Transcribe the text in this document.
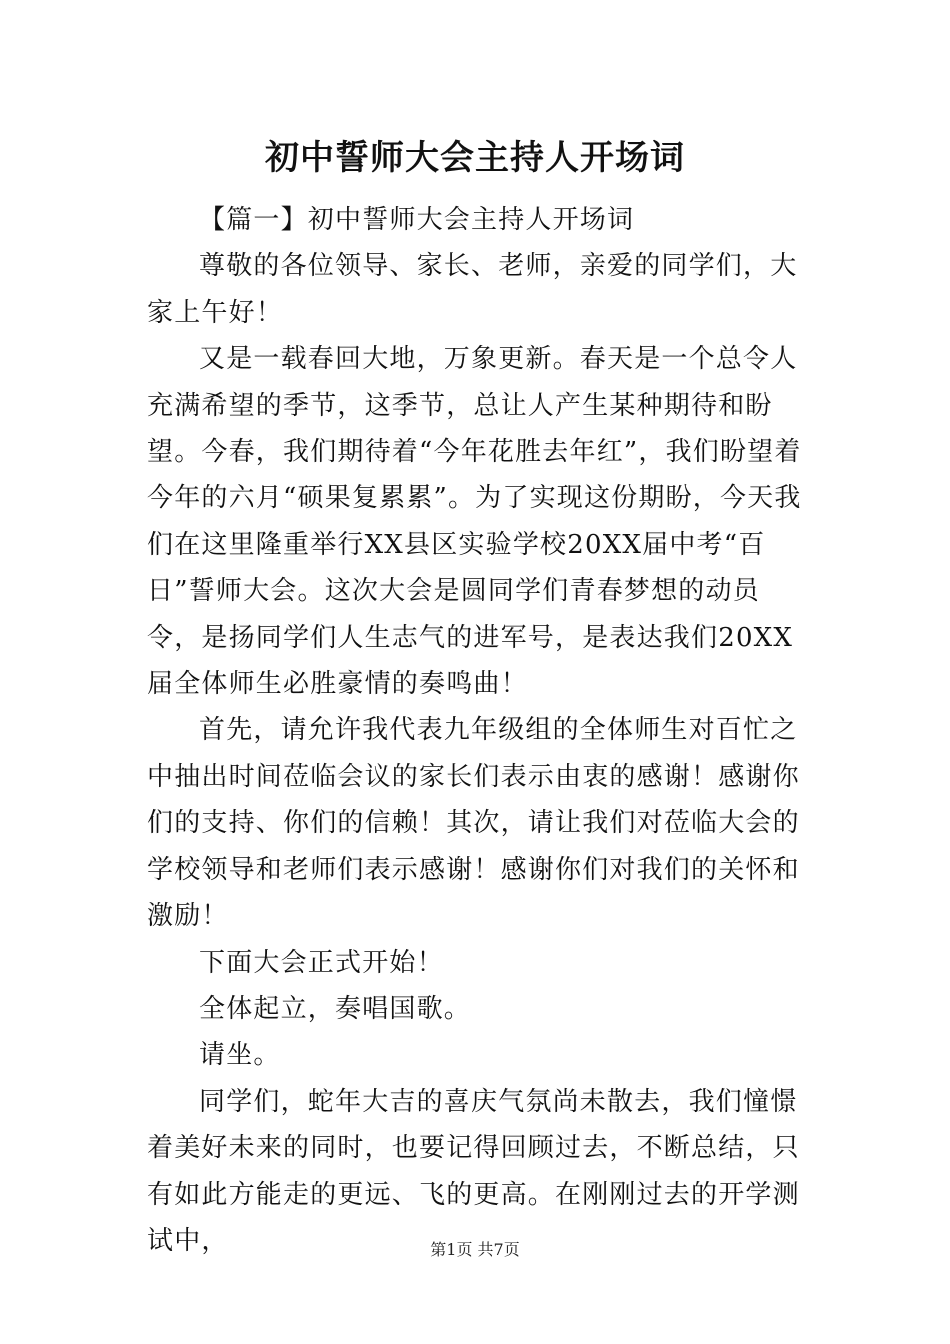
初中誓师大会主持人开场词

【篇一】初中誓师大会主持人开场词

尊敬的各位领导、家长、老师，亲爱的同学们，大家上午好！

又是一载春回大地，万象更新。春天是一个总令人充满希望的季节，这季节，总让人产生某种期待和盼望。今春，我们期待着“今年花胜去年红”，我们盼望着今年的六月“硕果复累累”。为了实现这份期盼，今天我们在这里隆重举行XX县区实验学校20XX届中考“百日”誓师大会。这次大会是圆同学们青春梦想的动员令，是扬同学们人生志气的进军号，是表达我们20XX届全体师生必胜豪情的奏鸣曲！

首先，请允许我代表九年级组的全体师生对百忙之中抽出时间莅临会议的家长们表示由衷的感谢！感谢你们的支持、你们的信赖！其次，请让我们对莅临大会的学校领导和老师们表示感谢！感谢你们对我们的关怀和激励！

下面大会正式开始！

全体起立，奏唱国歌。

请坐。

同学们，蛇年大吉的喜庆气氛尚未散去，我们憧憬着美好未来的同时，也要记得回顾过去，不断总结，只有如此方能走的更远、飞的更高。在刚刚过去的开学测试中，	第1页 共7页
